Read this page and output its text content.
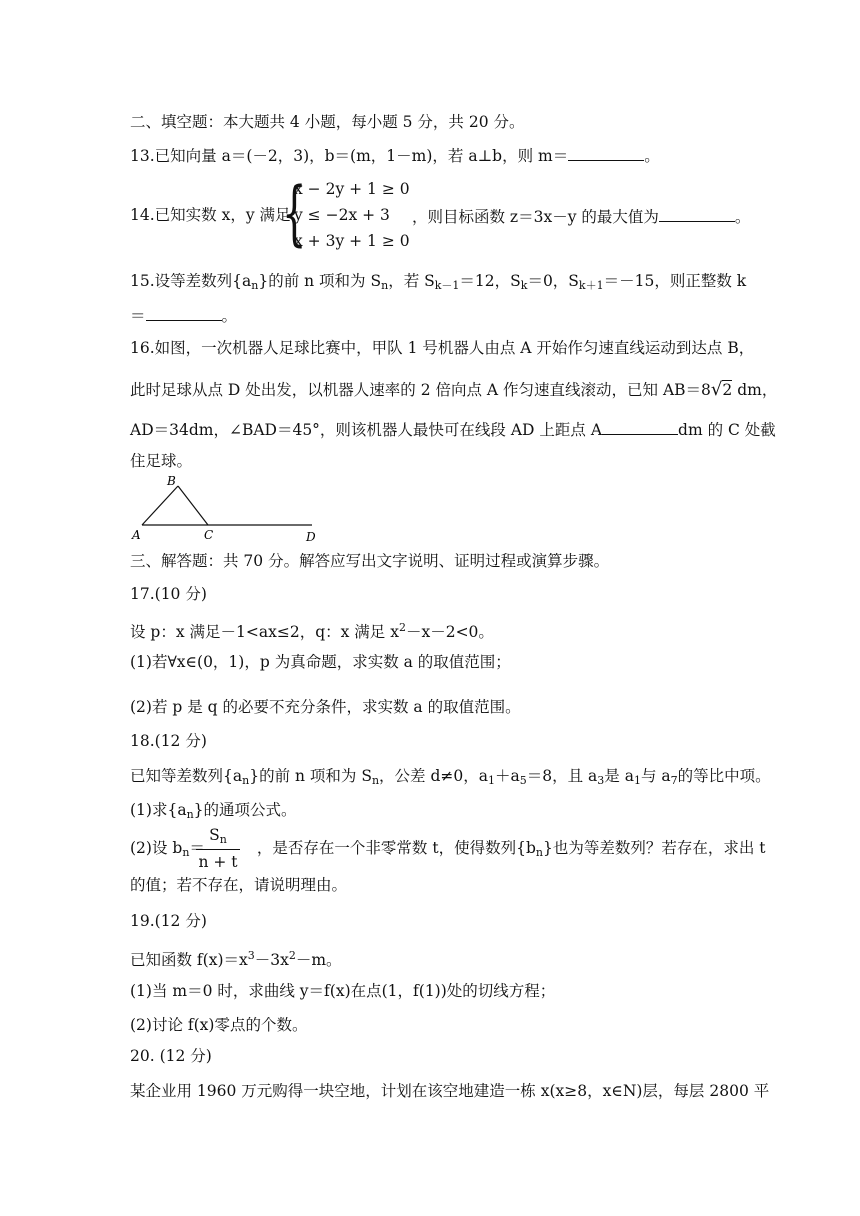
二、填空题：本大题共 4 小题，每小题 5 分，共 20 分。
13.已知向量 a＝(－2，3)，b＝(m，1－m)，若 a⊥b，则 m＝	。
14.已知实数 x，y 满足
{
x − 2y + 1 ≥ 0
y ≤ −2x + 3
x + 3y + 1 ≥ 0
，则目标函数 z＝3x－y 的最大值为	。
15.设等差数列$\{a_n\}$的前 n 项和为 $S_n$，若 $S_{k-1}=12$，$S_k=0$，$S_{k+1}=-15$，则正整数 k
＝	。
16.如图，一次机器人足球比赛中，甲队 1 号机器人由点 A 开始作匀速直线运动到达点 B，
此时足球从点 D 处出发，以机器人速率的 2 倍向点 A 作匀速直线滚动，已知 AB＝8√2 dm，
AD＝34dm，∠BAD＝45°，则该机器人最快可在线段 AD 上距点 A	dm 的 C 处截
住足球。
A
B
C	D
三、解答题：共 70 分。解答应写出文字说明、证明过程或演算步骤。
17.(10 分)
设 p：x 满足－1<ax≤2，q：x 满足 $x^2-x-2<0$。
(1)若∀x∈(0，1)，p 为真命题，求实数 a 的取值范围；
(2)若 p 是 q 的必要不充分条件，求实数 a 的取值范围。
18.(12 分)
已知等差数列$\{a_n\}$的前 n 项和为 $S_n$，公差 d≠0，$a_1+a_5=8$，且 $a_3$是 $a_1$与 $a_7$的等比中项。
(1)求$\{a_n\}$的通项公式。
(2)设 $b_n=$	，是否存在一个非零常数 t，使得数列$\{b_n\}$也为等差数列？若存在，求出 t
$S_n$
n + t
的值；若不存在，请说明理由。
19.(12 分)
已知函数 $f(x)=x^3-3x^2-m$。
(1)当 m＝0 时，求曲线 y＝f(x)在点(1，f(1))处的切线方程；
(2)讨论 f(x)零点的个数。
20. (12 分)
某企业用 1960 万元购得一块空地，计划在该空地建造一栋 x(x≥8，x∈N)层，每层 2800 平
